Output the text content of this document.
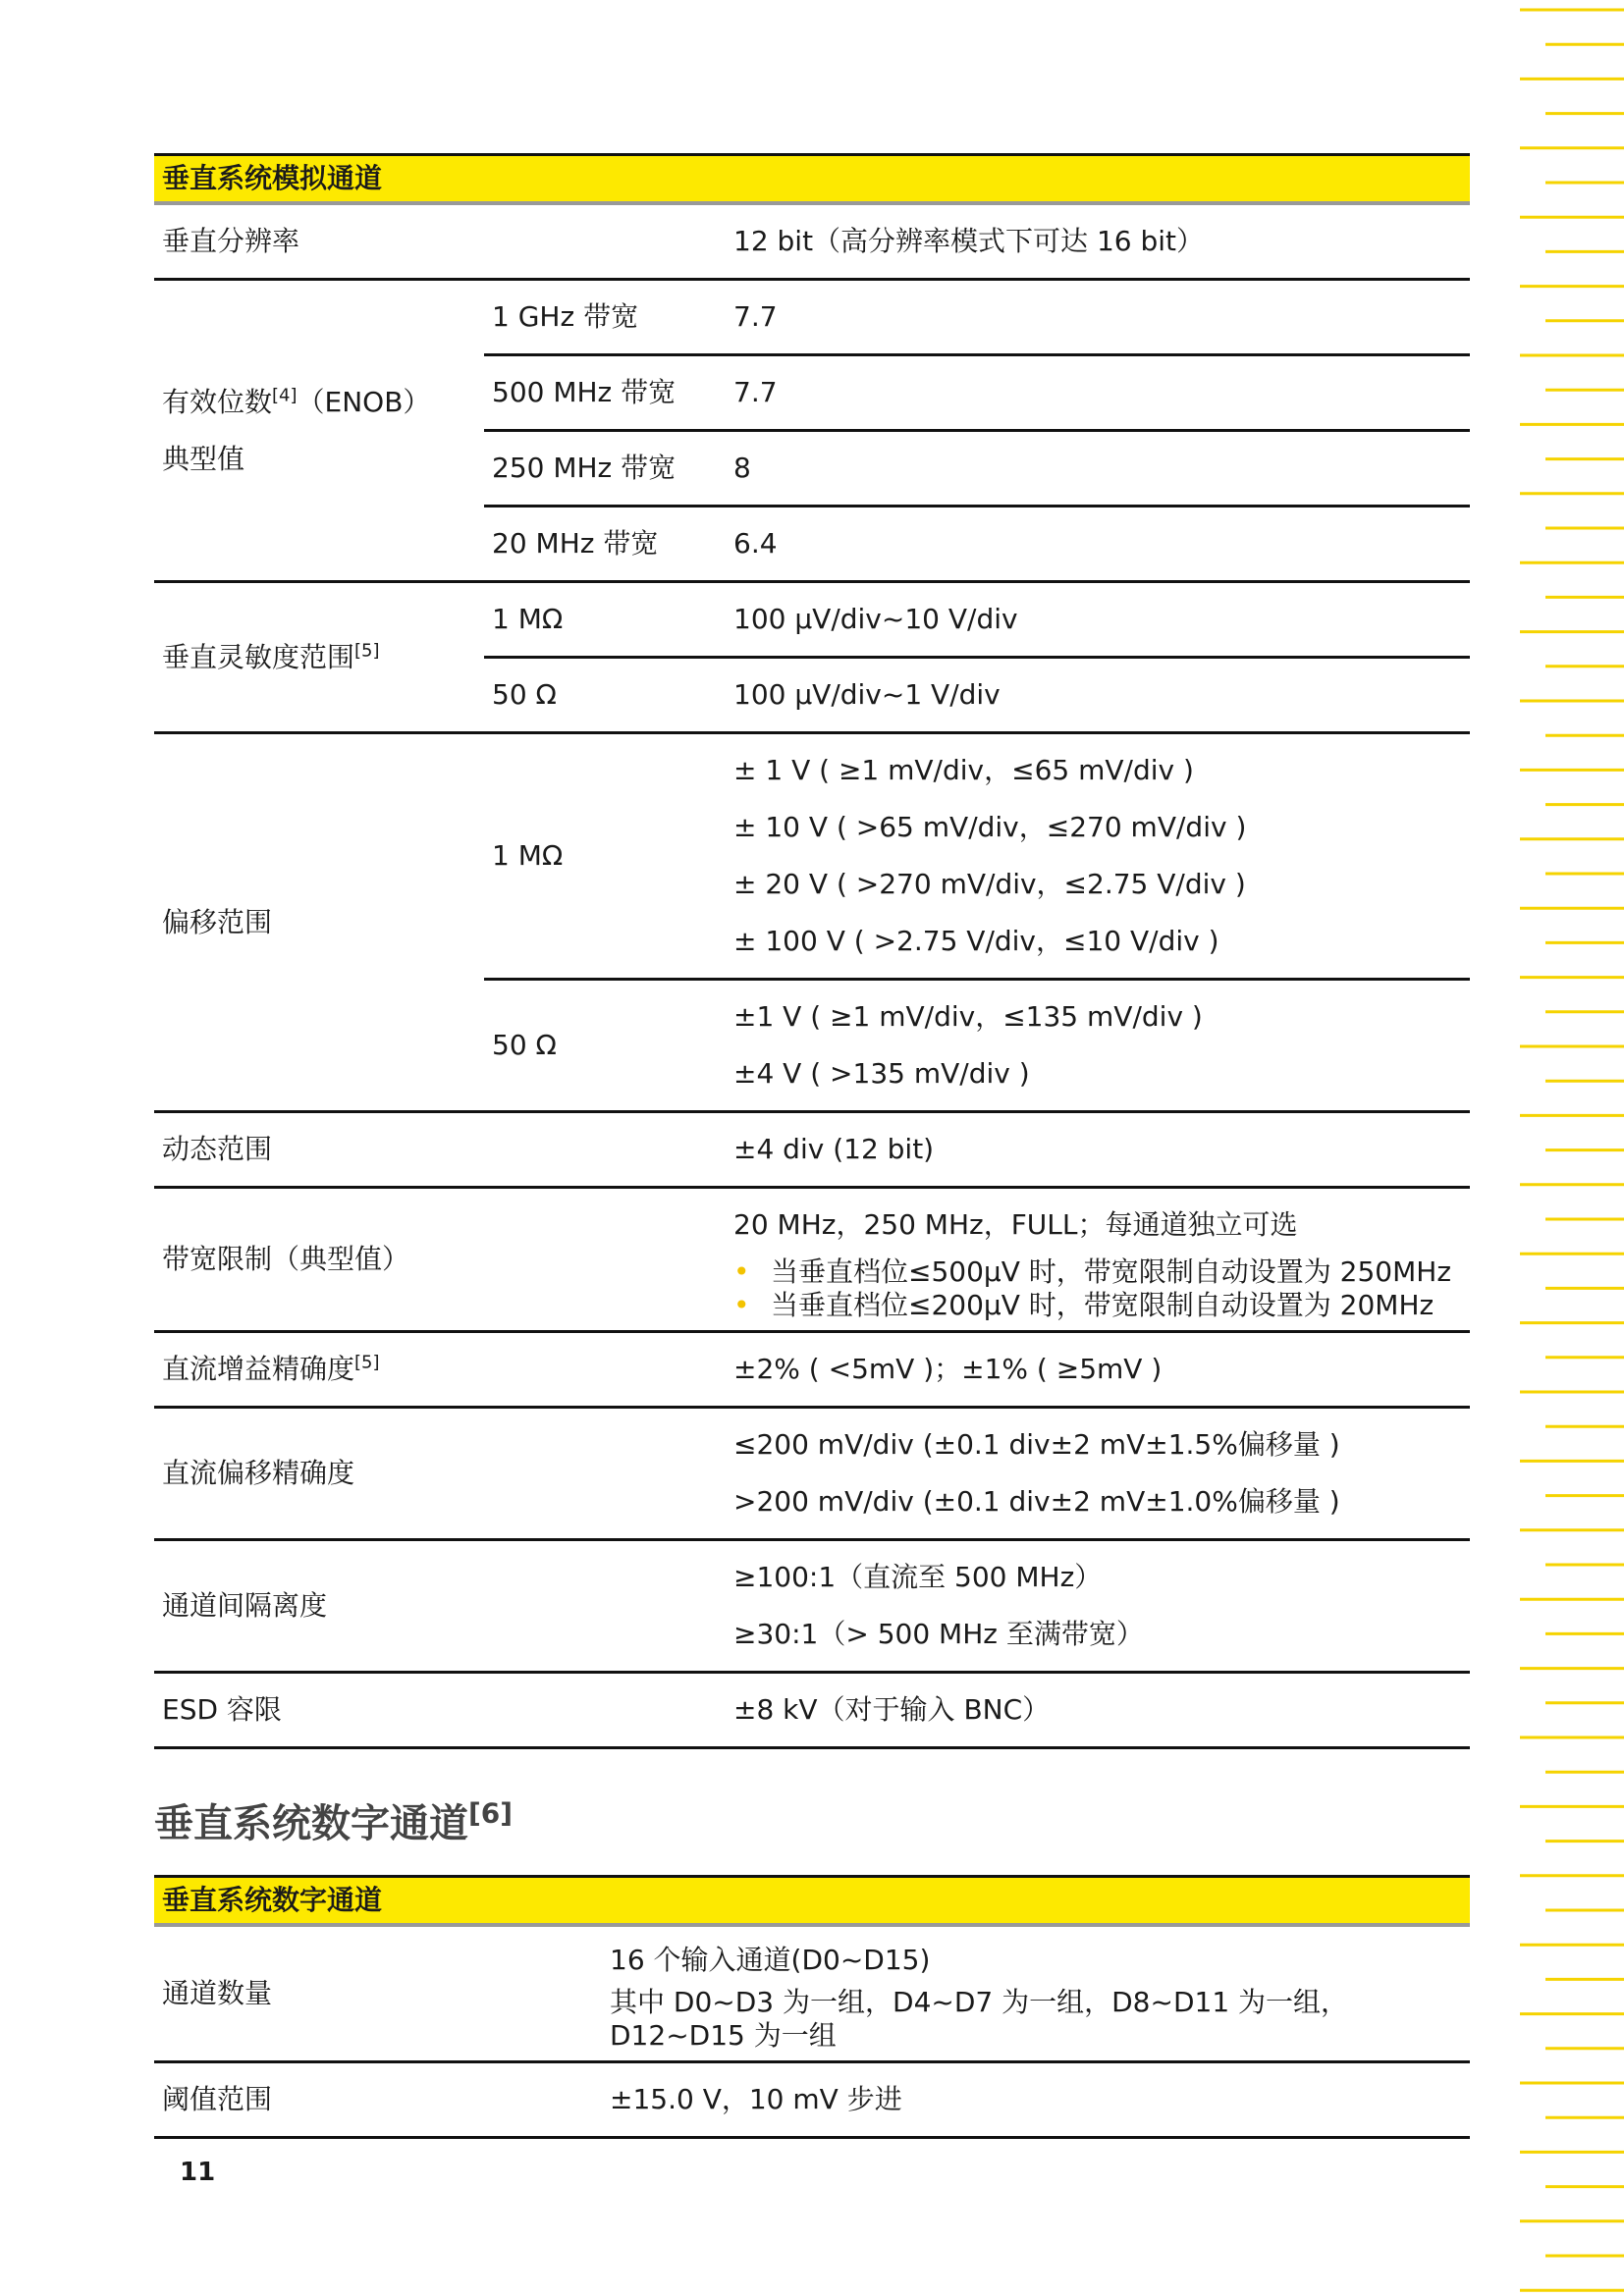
垂直系统模拟通道		
垂直分辨率		12 bit（高分辨率模式下可达 16 bit）

有效位数[4]（ENOB）
典型值	1 GHz 带宽	7.7
	500 MHz 带宽	7.7
	250 MHz 带宽	8
	20 MHz 带宽	6.4
垂直灵敏度范围[5]	1 MΩ	100 μV/div~10 V/div
	50 Ω	100 μV/div~1 V/div
偏移范围	1 MΩ	± 1 V ( ≥1 mV/div，≤65 mV/div )
± 10 V ( >65 mV/div，≤270 mV/div )
± 20 V ( >270 mV/div，≤2.75 V/div )
± 100 V ( >2.75 V/div，≤10 V/div )

	50 Ω	±1 V ( ≥1 mV/div，≤135 mV/div )
±4 V ( >135 mV/div )

动态范围		±4 div (12 bit)
带宽限制（典型值）		20 MHz，250 MHz，FULL；每通道独立可选
• 当垂直档位≤500μV 时，带宽限制自动设置为 250MHz
• 当垂直档位≤200μV 时，带宽限制自动设置为 20MHz

直流增益精确度[5]		±2% ( <5mV )；±1% ( ≥5mV )
直流偏移精确度		≤200 mV/div (±0.1 div±2 mV±1.5%偏移量 )
>200 mV/div (±0.1 div±2 mV±1.0%偏移量 )

通道间隔离度		≥100:1（直流至 500 MHz）
≥30:1（> 500 MHz 至满带宽）

ESD 容限		±8 kV（对于输入 BNC）
垂直系统数字通道[6]
垂直系统数字通道	
通道数量	16 个输入通道(D0~D15)
其中 D0~D3 为一组，D4~D7 为一组，D8~D11 为一组，D12~D15 为一组

阈值范围	±15.0 V，10 mV 步进
11
